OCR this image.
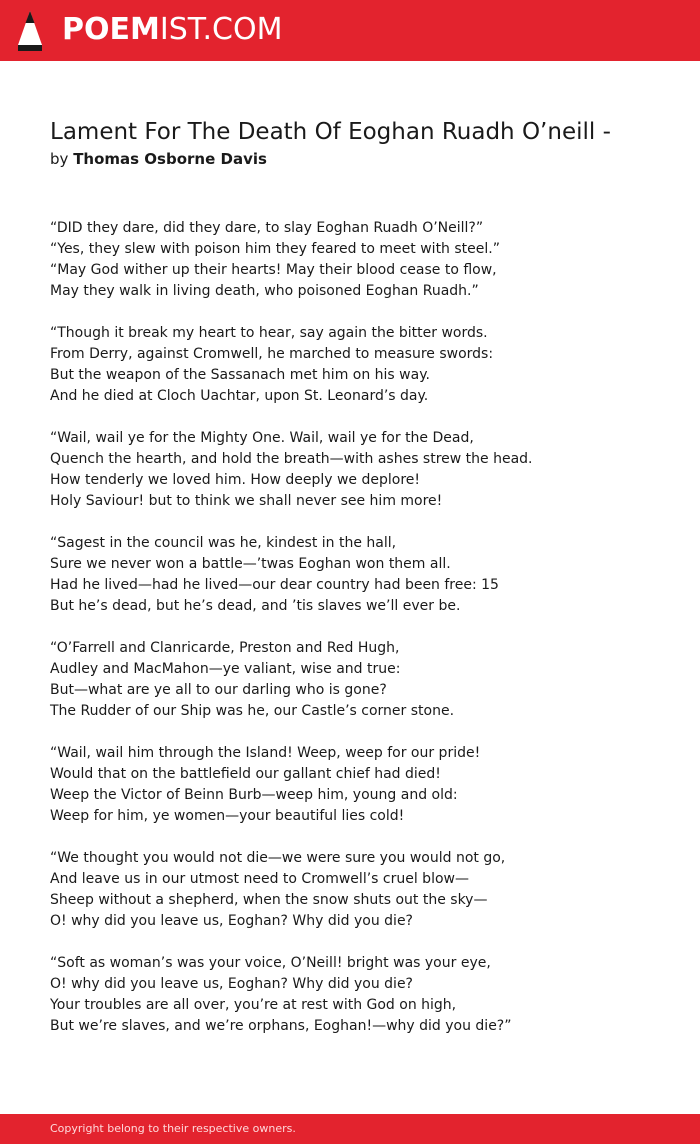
POEMIST.COM
Lament For The Death Of Eoghan Ruadh O’neill -
by Thomas Osborne Davis
“DID they dare, did they dare, to slay Eoghan Ruadh O’Neill?”
“Yes, they slew with poison him they feared to meet with steel.”
“May God wither up their hearts! May their blood cease to flow,
May they walk in living death, who poisoned Eoghan Ruadh.”
“Though it break my heart to hear, say again the bitter words.
From Derry, against Cromwell, he marched to measure swords:
But the weapon of the Sassanach met him on his way.
And he died at Cloch Uachtar, upon St. Leonard’s day.
“Wail, wail ye for the Mighty One. Wail, wail ye for the Dead,
Quench the hearth, and hold the breath—with ashes strew the head.
How tenderly we loved him. How deeply we deplore!
Holy Saviour! but to think we shall never see him more!
“Sagest in the council was he, kindest in the hall,
Sure we never won a battle—’twas Eoghan won them all.
Had he lived—had he lived—our dear country had been free: 15
But he’s dead, but he’s dead, and ’tis slaves we’ll ever be.
“O’Farrell and Clanricarde, Preston and Red Hugh,
Audley and MacMahon—ye valiant, wise and true:
But—what are ye all to our darling who is gone?
The Rudder of our Ship was he, our Castle’s corner stone.
“Wail, wail him through the Island! Weep, weep for our pride!
Would that on the battlefield our gallant chief had died!
Weep the Victor of Beinn Burb—weep him, young and old:
Weep for him, ye women—your beautiful lies cold!
“We thought you would not die—we were sure you would not go,
And leave us in our utmost need to Cromwell’s cruel blow—
Sheep without a shepherd, when the snow shuts out the sky—
O! why did you leave us, Eoghan? Why did you die?
“Soft as woman’s was your voice, O’Neill! bright was your eye,
O! why did you leave us, Eoghan? Why did you die?
Your troubles are all over, you’re at rest with God on high,
But we’re slaves, and we’re orphans, Eoghan!—why did you die?”
Copyright belong to their respective owners.
